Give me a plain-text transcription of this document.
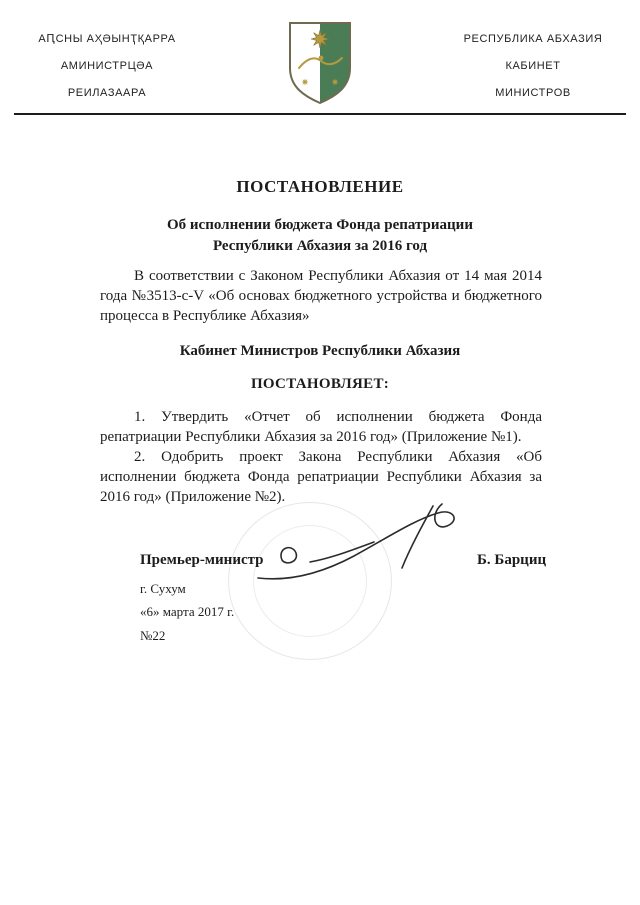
АԤСНЫ АҲӘЫНҬҚАРРА
АМИНИСТРЦӘА
РЕИЛАЗААРА
РЕСПУБЛИКА АБХАЗИЯ
КАБИНЕТ
МИНИСТРОВ
ПОСТАНОВЛЕНИЕ
Об исполнении бюджета Фонда репатриации
Республики Абхазия за 2016 год

В соответствии с Законом Республики Абхазия от 14 мая 2014 года №3513-с-V «Об основах бюджетного устройства и бюджетного процесса в Республике Абхазия»

Кабинет Министров Республики Абхазия
ПОСТАНОВЛЯЕТ:

1. Утвердить «Отчет об исполнении бюджета Фонда репатриации Республики Абхазия за 2016 год» (Приложение №1).

2. Одобрить проект Закона Республики Абхазия «Об исполнении бюджета Фонда репатриации Республики Абхазия за 2016 год» (Приложение №2).

Премьер-министр	Б. Барциц
г. Сухум
«6» марта 2017 г.
№22
